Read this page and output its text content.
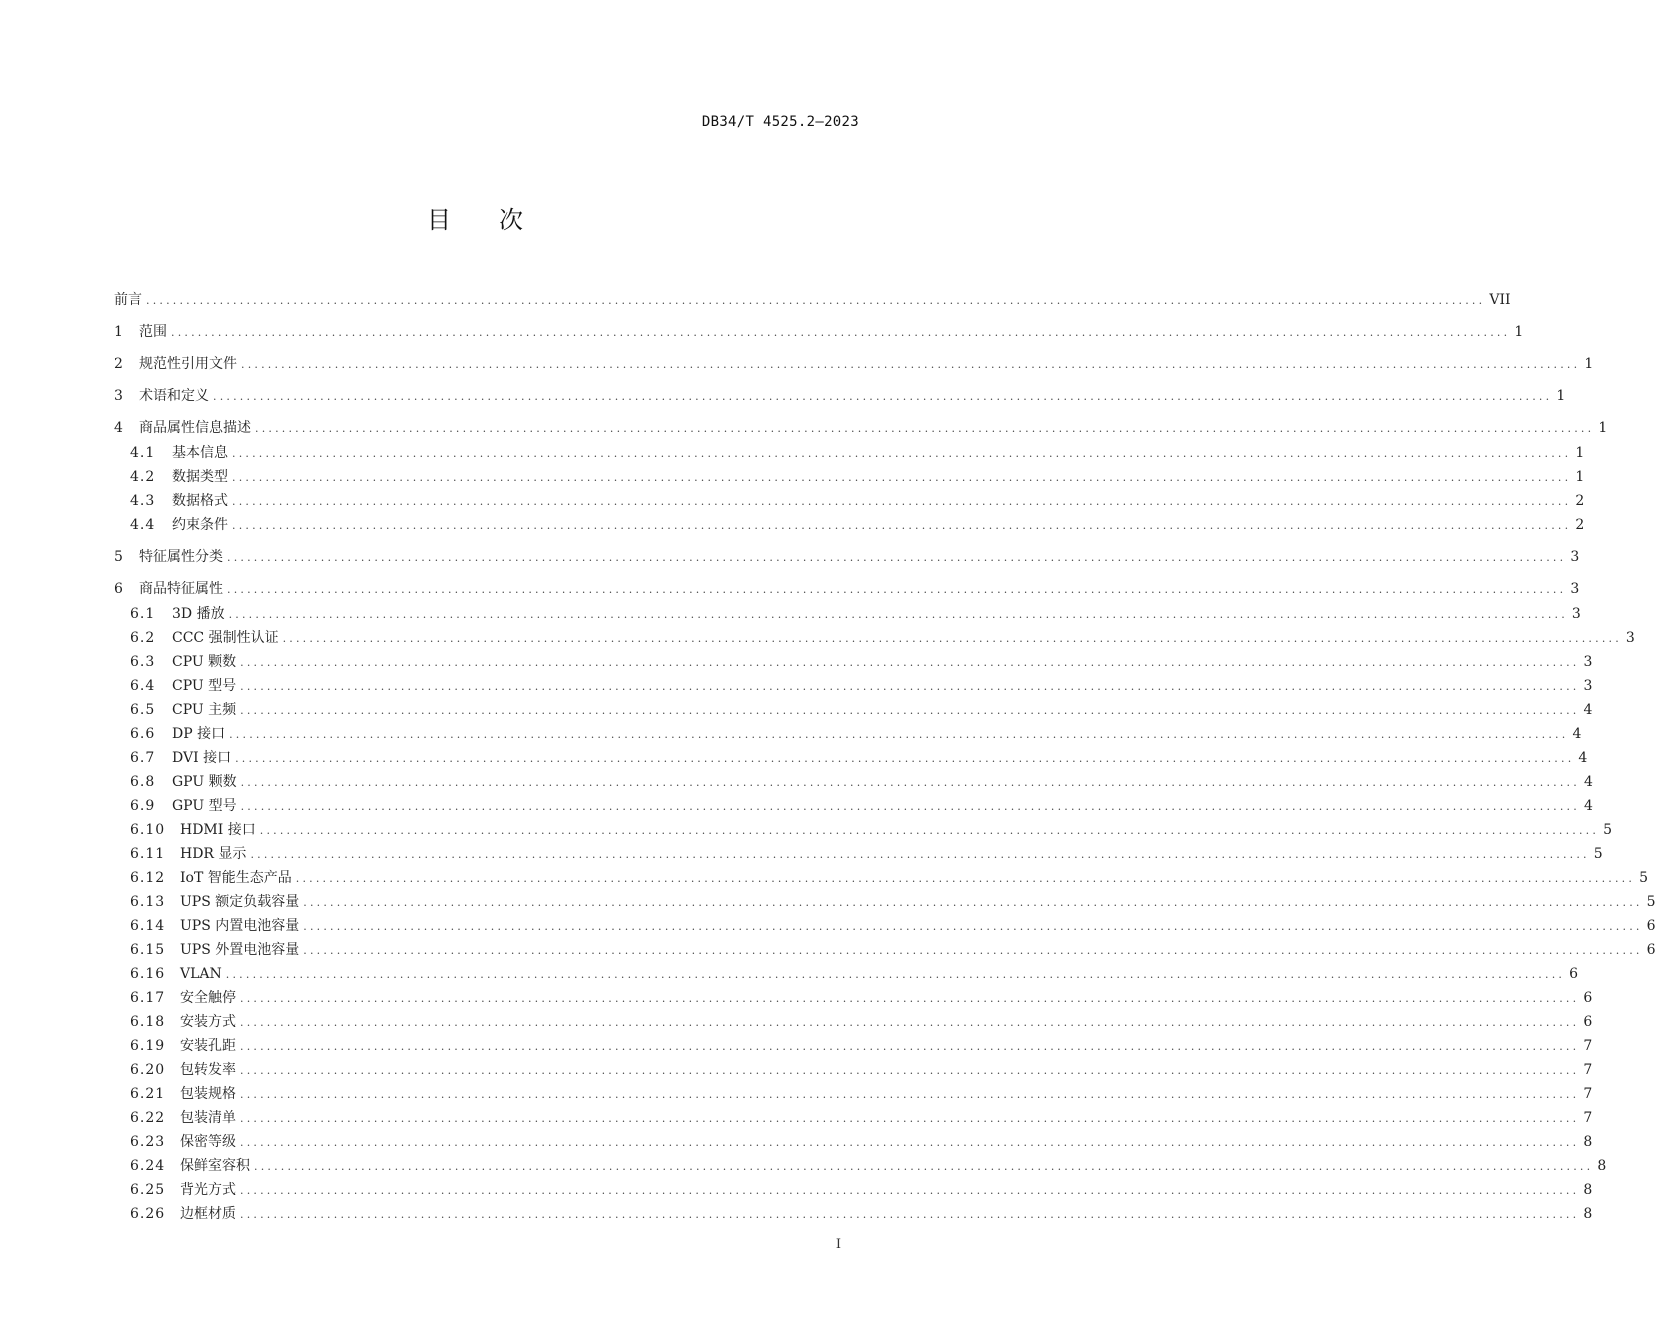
DB34/T 4525.2—2023
目　　次
前言 ........................................................................................................................................................................................................ VII
1	范围 ........................................................................................................................................................................................................ 1
2	规范性引用文件 ........................................................................................................................................................................................................ 1
3	术语和定义 ........................................................................................................................................................................................................ 1
4	商品属性信息描述 ........................................................................................................................................................................................................ 1
4.1	基本信息 ........................................................................................................................................................................................................ 1
4.2	数据类型 ........................................................................................................................................................................................................ 1
4.3	数据格式 ........................................................................................................................................................................................................ 2
4.4	约束条件 ........................................................................................................................................................................................................ 2
5	特征属性分类 ........................................................................................................................................................................................................ 3
6	商品特征属性 ........................................................................................................................................................................................................ 3
6.1	3D 播放 ........................................................................................................................................................................................................ 3
6.2	CCC 强制性认证 ........................................................................................................................................................................................................ 3
6.3	CPU 颗数 ........................................................................................................................................................................................................ 3
6.4	CPU 型号 ........................................................................................................................................................................................................ 3
6.5	CPU 主频 ........................................................................................................................................................................................................ 4
6.6	DP 接口 ........................................................................................................................................................................................................ 4
6.7	DVI 接口 ........................................................................................................................................................................................................ 4
6.8	GPU 颗数 ........................................................................................................................................................................................................ 4
6.9	GPU 型号 ........................................................................................................................................................................................................ 4
6.10	HDMI 接口 ........................................................................................................................................................................................................ 5
6.11	HDR 显示 ........................................................................................................................................................................................................ 5
6.12	IoT 智能生态产品 ........................................................................................................................................................................................................ 5
6.13	UPS 额定负载容量 ........................................................................................................................................................................................................ 5
6.14	UPS 内置电池容量 ........................................................................................................................................................................................................ 6
6.15	UPS 外置电池容量 ........................................................................................................................................................................................................ 6
6.16	VLAN ........................................................................................................................................................................................................ 6
6.17	安全触停 ........................................................................................................................................................................................................ 6
6.18	安装方式 ........................................................................................................................................................................................................ 6
6.19	安装孔距 ........................................................................................................................................................................................................ 7
6.20	包转发率 ........................................................................................................................................................................................................ 7
6.21	包装规格 ........................................................................................................................................................................................................ 7
6.22	包装清单 ........................................................................................................................................................................................................ 7
6.23	保密等级 ........................................................................................................................................................................................................ 8
6.24	保鲜室容积 ........................................................................................................................................................................................................ 8
6.25	背光方式 ........................................................................................................................................................................................................ 8
6.26	边框材质 ........................................................................................................................................................................................................ 8
I
